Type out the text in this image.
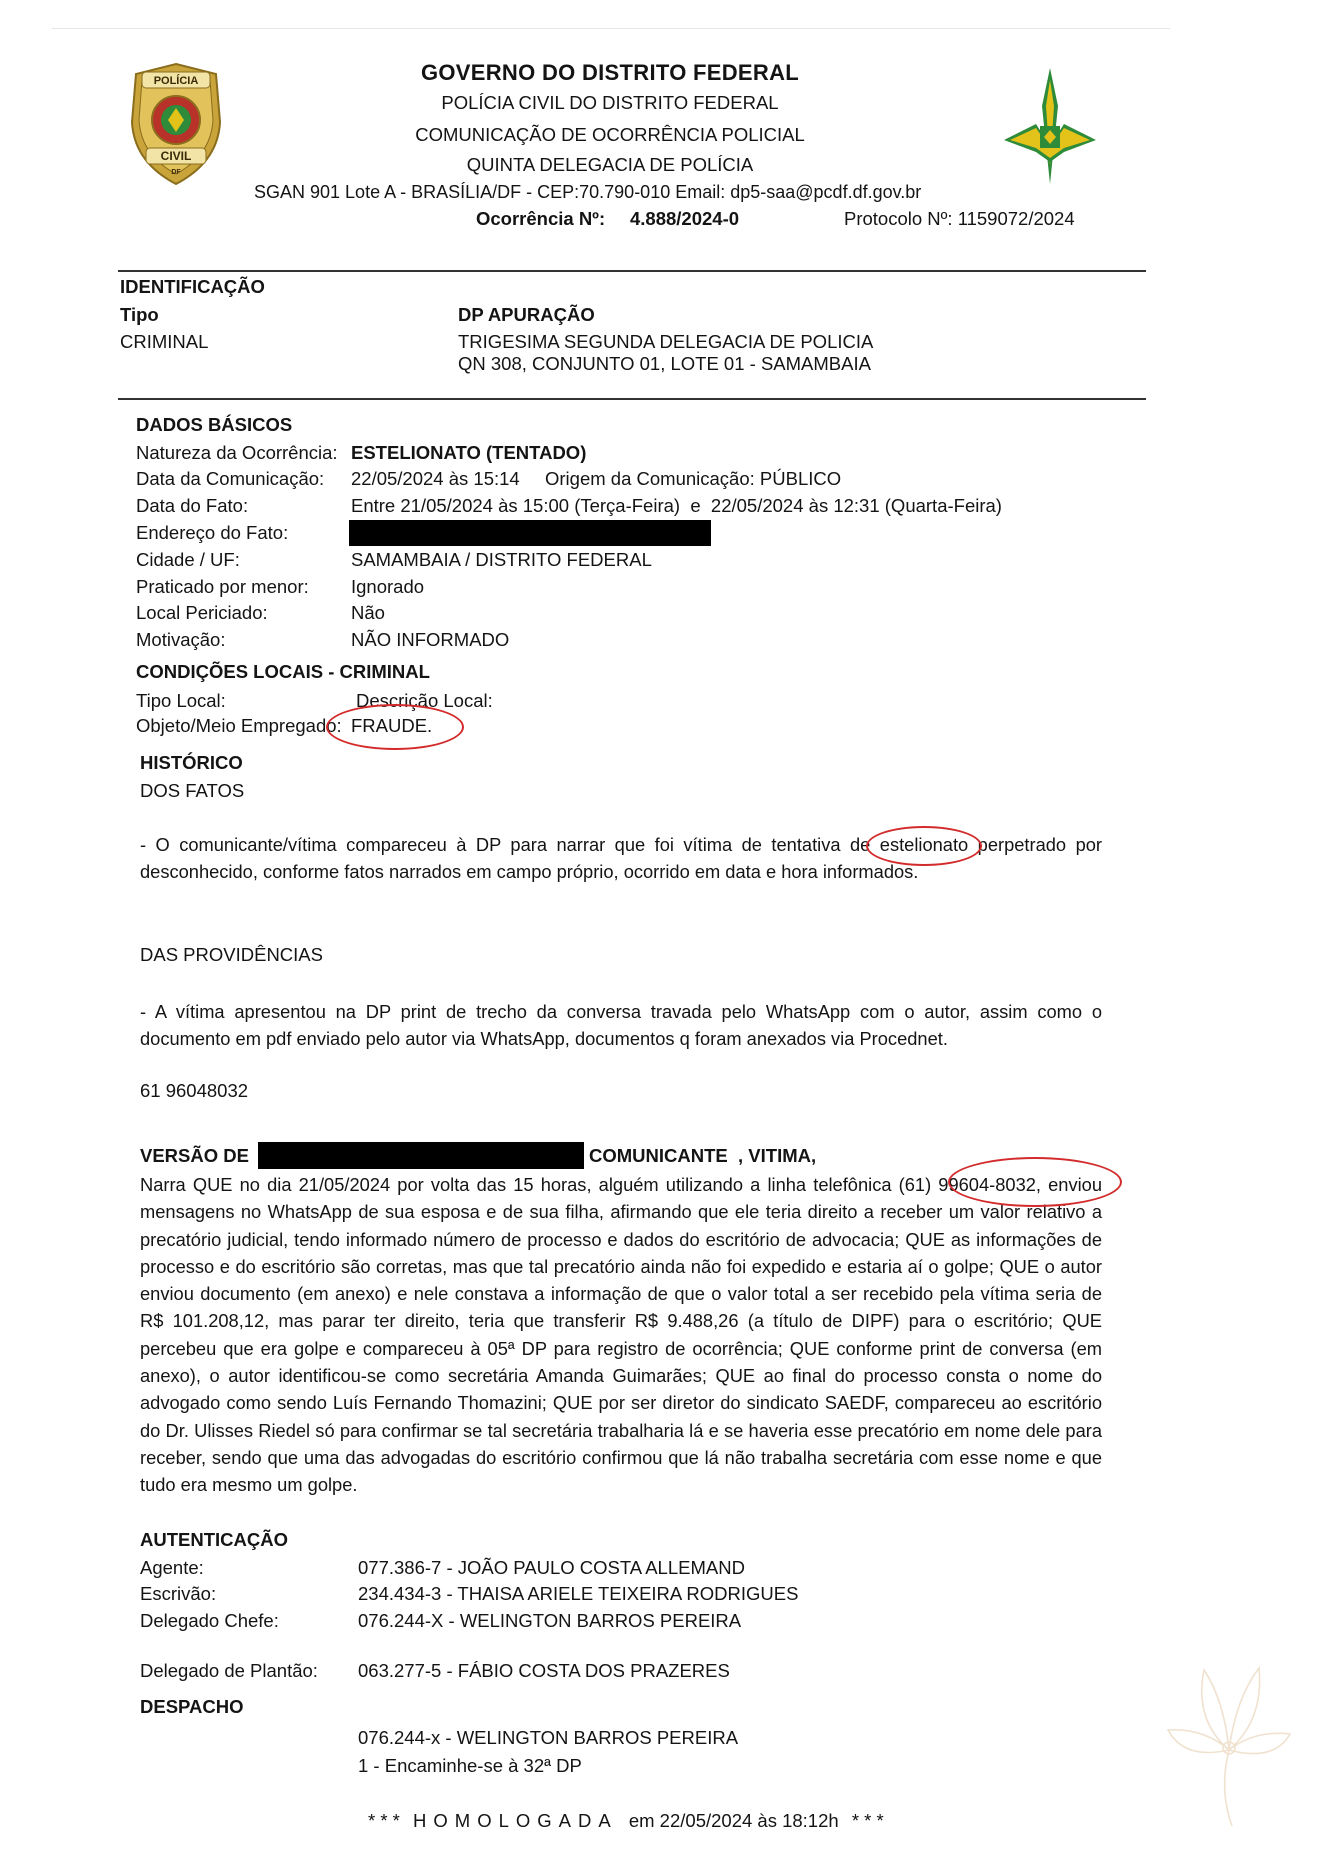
POLÍCIA
CIVIL
DF
GOVERNO DO DISTRITO FEDERAL
POLÍCIA CIVIL DO DISTRITO FEDERAL
COMUNICAÇÃO DE OCORRÊNCIA POLICIAL
QUINTA DELEGACIA DE POLÍCIA
SGAN 901 Lote A - BRASÍLIA/DF - CEP:70.790-010 Email: dp5-saa@pcdf.df.gov.br
Ocorrência Nº: 4.888/2024-0	Protocolo Nº: 1159072/2024
IDENTIFICAÇÃO
Tipo
CRIMINAL
DP APURAÇÃO
TRIGESIMA SEGUNDA DELEGACIA DE POLICIA
QN 308, CONJUNTO 01, LOTE 01 - SAMAMBAIA
DADOS BÁSICOS
Natureza da Ocorrência: ESTELIONATO (TENTADO)
Data da Comunicação: 22/05/2024 às 15:14 Origem da Comunicação: PÚBLICO
Data do Fato:	Entre 21/05/2024 às 15:00 (Terça-Feira)  e  22/05/2024 às 12:31 (Quarta-Feira)
Endereço do Fato:
Cidade / UF:	SAMAMBAIA / DISTRITO FEDERAL
Praticado por menor: Ignorado
Local Periciado:	Não
Motivação:	NÃO INFORMADO
CONDIÇÕES LOCAIS - CRIMINAL
Tipo Local:	Descrição Local:
Objeto/Meio Empregado: FRAUDE.
HISTÓRICO
DOS FATOS
- O comunicante/vítima compareceu à DP para narrar que foi vítima de tentativa de estelionato perpetrado por desconhecido, conforme fatos narrados em campo próprio, ocorrido em data e hora informados.
DAS PROVIDÊNCIAS
- A vítima apresentou na DP print de trecho da conversa travada pelo WhatsApp com o autor, assim como o documento em pdf enviado pelo autor via WhatsApp, documentos q foram anexados via Procednet.
61 96048032
VERSÃO DE	COMUNICANTE  , VITIMA,
Narra QUE no dia 21/05/2024 por volta das 15 horas, alguém utilizando a linha telefônica (61) 99604-8032, enviou mensagens no WhatsApp de sua esposa e de sua filha, afirmando que ele teria direito a receber um valor relativo a precatório judicial, tendo informado número de processo e dados do escritório de advocacia; QUE as informações de processo e do escritório são corretas, mas que tal precatório ainda não foi expedido e estaria aí o golpe; QUE o autor enviou documento (em anexo) e nele constava a informação de que o valor total a ser recebido pela vítima seria de R$ 101.208,12, mas parar ter direito, teria que transferir R$ 9.488,26 (a título de DIPF) para o escritório; QUE percebeu que era golpe e compareceu à 05ª DP para registro de ocorrência; QUE conforme print de conversa (em anexo), o autor identificou-se como secretária Amanda Guimarães; QUE ao final do processo consta o nome do advogado como sendo Luís Fernando Thomazini; QUE por ser diretor do sindicato SAEDF, compareceu ao escritório do Dr. Ulisses Riedel só para confirmar se tal secretária trabalharia lá e se haveria esse precatório em nome dele para receber, sendo que uma das advogadas do escritório confirmou que lá não trabalha secretária com esse nome e que tudo era mesmo um golpe.
AUTENTICAÇÃO
Agente:	077.386-7 - JOÃO PAULO COSTA ALLEMAND
Escrivão:	234.434-3 - THAISA ARIELE TEIXEIRA RODRIGUES
Delegado Chefe:	076.244-X - WELINGTON BARROS PEREIRA
Delegado de Plantão: 063.277-5 - FÁBIO COSTA DOS PRAZERES
DESPACHO
076.244-x - WELINGTON BARROS PEREIRA
1 - Encaminhe-se à 32ª DP
* * * HOMOLOGADA em 22/05/2024 às 18:12h * * *
